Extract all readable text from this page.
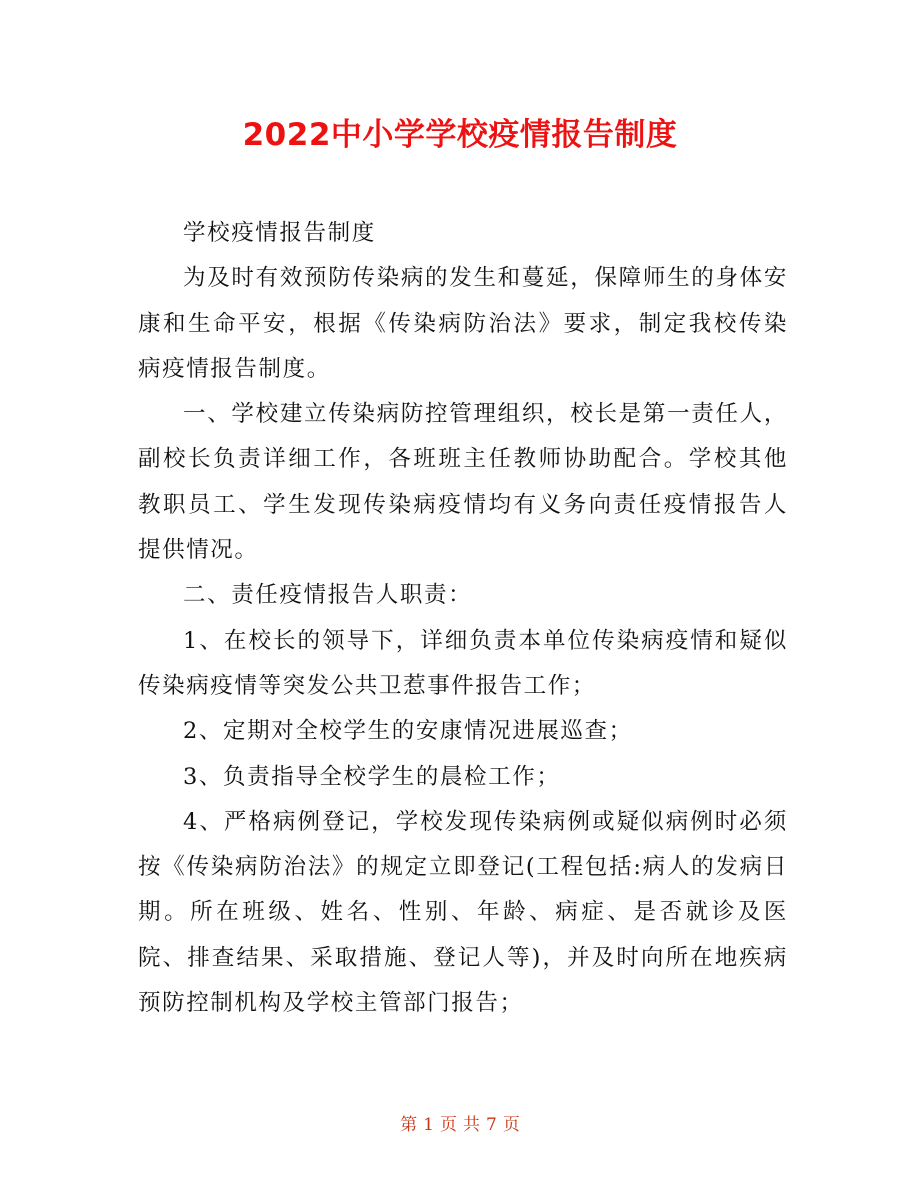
2022中小学学校疫情报告制度

学校疫情报告制度

为及时有效预防传染病的发生和蔓延，保障师生的身体安康和生命平安，根据《传染病防治法》要求，制定我校传染病疫情报告制度。

一、学校建立传染病防控管理组织，校长是第一责任人，副校长负责详细工作，各班班主任教师协助配合。学校其他教职员工、学生发现传染病疫情均有义务向责任疫情报告人提供情况。

二、责任疫情报告人职责：

1、在校长的领导下，详细负责本单位传染病疫情和疑似传染病疫情等突发公共卫惹事件报告工作；

2、定期对全校学生的安康情况进展巡查；

3、负责指导全校学生的晨检工作；

4、严格病例登记，学校发现传染病例或疑似病例时必须按《传染病防治法》的规定立即登记(工程包括:病人的发病日期。所在班级、姓名、性别、年龄、病症、是否就诊及医院、排查结果、采取措施、登记人等)，并及时向所在地疾病预防控制机构及学校主管部门报告；

第 1 页 共 7 页
